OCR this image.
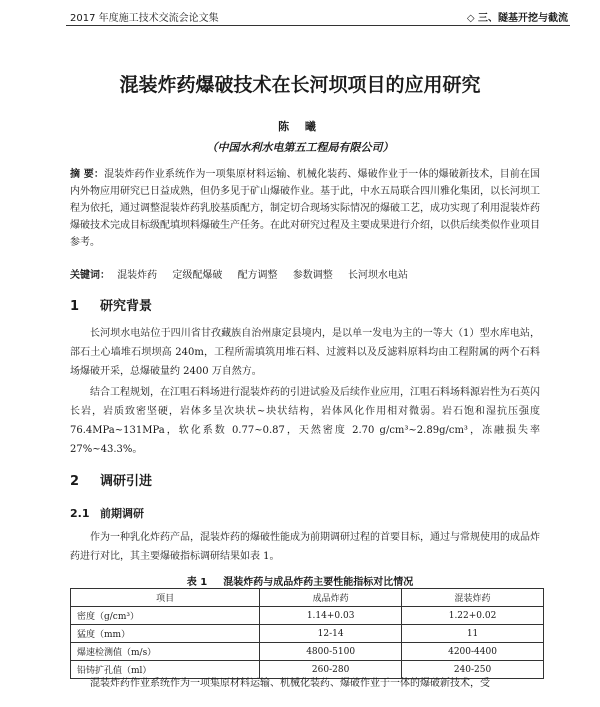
2017 年度施工技术交流会论文集	◇ 三、隧基开挖与截流
混装炸药爆破技术在长河坝项目的应用研究
陈 曦
（中国水利水电第五工程局有限公司）
摘 要：混装炸药作业系统作为一项集原材料运输、机械化装药、爆破作业于一体的爆破新技术，目前在国内外物应用研究已日益成熟，但仍多见于矿山爆破作业。基于此，中水五局联合四川雅化集团，以长河坝工程为依托，通过调整混装炸药乳胶基质配方，制定切合现场实际情况的爆破工艺，成功实现了利用混装炸药爆破技术完成目标级配填坝料爆破生产任务。在此对研究过程及主要成果进行介绍，以供后续类似作业项目参考。
关键词： 混装炸药 定级配爆破 配方调整 参数调整 长河坝水电站
1 研究背景
长河坝水电站位于四川省甘孜藏族自治州康定县境内，是以单一发电为主的一等大（1）型水库电站，部石土心墙堆石坝坝高 240m，工程所需填筑用堆石料、过渡料以及反滤料原料均由工程附属的两个石料场爆破开采，总爆破量约 2400 万自然方。
结合工程规划，在江咀石料场进行混装炸药的引进试验及后续作业应用，江咀石料场料源岩性为石英闪长岩，岩质致密坚硬，岩体多呈次块状~块状结构，岩体风化作用相对微弱。岩石饱和湿抗压强度 76.4MPa~131MPa，软化系数 0.77~0.87，天然密度 2.70 g/cm³~2.89g/cm³，冻融损失率 27%~43.3%。
2 调研引进
2.1 前期调研
作为一种乳化炸药产品，混装炸药的爆破性能成为前期调研过程的首要目标，通过与常规使用的成品炸药进行对比，其主要爆破指标调研结果如表 1。
表 1 混装炸药与成品炸药主要性能指标对比情况
项目	成品炸药	混装炸药
密度（g/cm³）	1.14+0.03	1.22+0.02
猛度（mm）	12-14	11
爆速检测值（m/s）	4800-5100	4200-4400
铅铸扩孔值（ml）	260-280	240-250
混装炸药作业系统作为一项集原材料运输、机械化装药、爆破作业于一体的爆破新技术，受
